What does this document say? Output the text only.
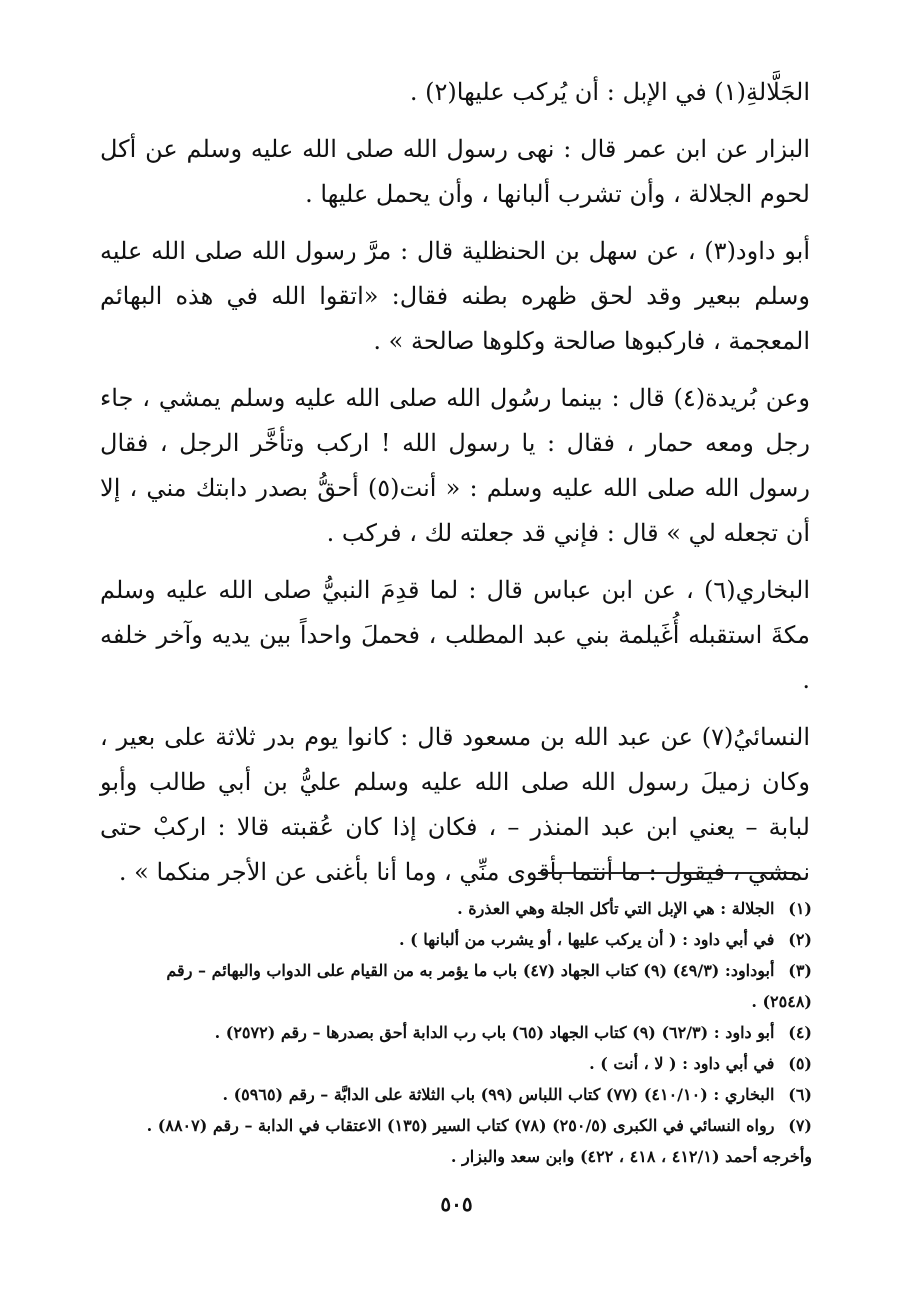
الجَلَّالةِ(١) في الإبل : أن يُركب عليها(٢) .

البزار عن ابن عمر قال : نهى رسول الله صلى الله عليه وسلم عن أكل لحوم الجلالة ، وأن تشرب ألبانها ، وأن يحمل عليها .

أبو داود(٣) ، عن سهل بن الحنظلية قال : مرَّ رسول الله صلى الله عليه وسلم ببعير وقد لحق ظهره بطنه فقال: «اتقوا الله في هذه البهائم المعجمة ، فاركبوها صالحة وكلوها صالحة » .

وعن بُريدة(٤) قال : بينما رسُول الله صلى الله عليه وسلم يمشي ، جاء رجل ومعه حمار ، فقال : يا رسول الله ! اركب وتأخَّر الرجل ، فقال رسول الله صلى الله عليه وسلم : « أنت(٥) أحقُّ بصدر دابتك مني ، إلا أن تجعله لي » قال : فإني قد جعلته لك ، فركب .

البخاري(٦) ، عن ابن عباس قال : لما قدِمَ النبيُّ صلى الله عليه وسلم مكةَ استقبله أُغَيلمة بني عبد المطلب ، فحملَ واحداً بين يديه وآخر خلفه .

النسائيُ(٧) عن عبد الله بن مسعود قال : كانوا يوم بدر ثلاثة على بعير ، وكان زميلَ رسول الله صلى الله عليه وسلم عليُّ بن أبي طالب وأبو لبابة – يعني ابن عبد المنذر – ، فكان إذا كان عُقبته قالا : اركبْ حتى نمشي ، فيقول : ما أنتما بأقوى منِّي ، وما أنا بأغنى عن الأجر منكما » .

(١) الجلالة : هي الإبل التي تأكل الجلة وهي العذرة .

(٢) في أبي داود : ( أن يركب عليها ، أو يشرب من ألبانها ) .

(٣) أبوداود: (٤٩/٣) (٩) كتاب الجهاد (٤٧) باب ما يؤمر به من القيام على الدواب والبهائم – رقم

(٢٥٤٨) .

(٤) أبو داود : (٦٢/٣) (٩) كتاب الجهاد (٦٥) باب رب الدابة أحق بصدرها – رقم (٢٥٧٢) .

(٥) في أبي داود : ( لا ، أنت ) .

(٦) البخاري : (٤١٠/١٠) (٧٧) كتاب اللباس (٩٩) باب الثلاثة على الدابَّة – رقم (٥٩٦٥) .

(٧) رواه النسائي في الكبرى (٢٥٠/٥) (٧٨) كتاب السير (١٣٥) الاعتقاب في الدابة – رقم (٨٨٠٧) .

وأخرجه أحمد (٤١٢/١ ، ٤١٨ ، ٤٢٢) وابن سعد والبزار .

٥٠٥
